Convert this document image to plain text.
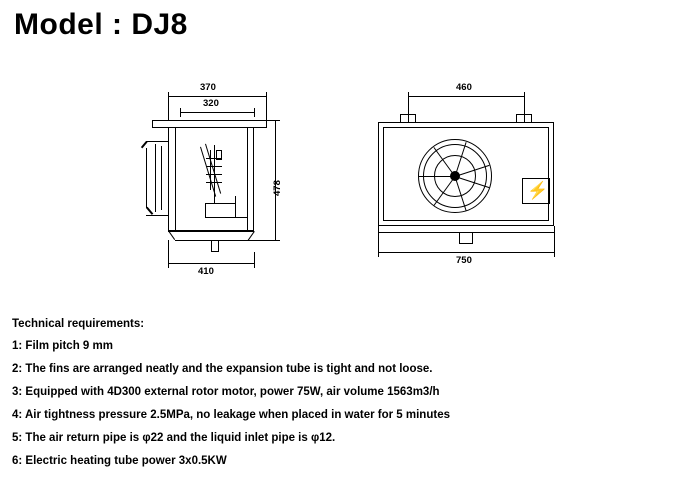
Model : DJ8
370
320
478
410
460
⚡
750
Technical requirements:
1: Film pitch 9 mm
2: The fins are arranged neatly and the expansion tube is tight and not loose.
3: Equipped with 4D300 external rotor motor, power 75W, air volume 1563m3/h
4: Air tightness pressure 2.5MPa, no leakage when placed in water for 5 minutes
5: The air return pipe is φ22 and the liquid inlet pipe is φ12.
6: Electric heating tube power 3x0.5KW
